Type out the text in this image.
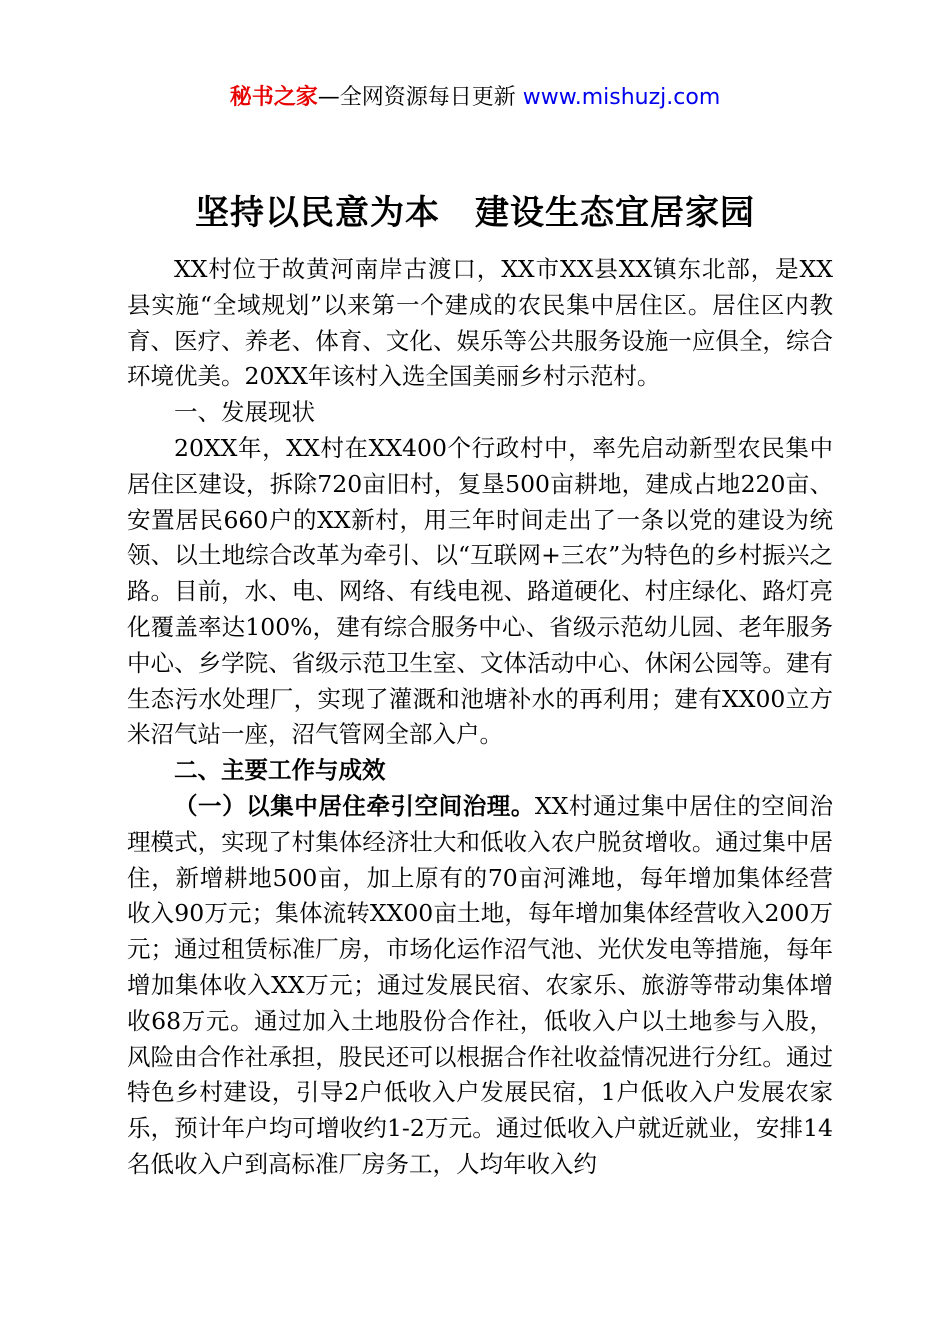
秘书之家—全网资源每日更新 www.mishuzj.com
坚持以民意为本　建设生态宜居家园

XX村位于故黄河南岸古渡口，XX市XX县XX镇东北部，是XX县实施“全域规划”以来第一个建成的农民集中居住区。居住区内教育、医疗、养老、体育、文化、娱乐等公共服务设施一应俱全，综合环境优美。20XX年该村入选全国美丽乡村示范村。

一、发展现状

20XX年，XX村在XX400个行政村中，率先启动新型农民集中居住区建设，拆除720亩旧村，复垦500亩耕地，建成占地220亩、安置居民660户的XX新村，用三年时间走出了一条以党的建设为统领、以土地综合改革为牵引、以“互联网+三农”为特色的乡村振兴之路。目前，水、电、网络、有线电视、路道硬化、村庄绿化、路灯亮化覆盖率达100%，建有综合服务中心、省级示范幼儿园、老年服务中心、乡学院、省级示范卫生室、文体活动中心、休闲公园等。建有生态污水处理厂，实现了灌溉和池塘补水的再利用；建有XX00立方米沼气站一座，沼气管网全部入户。

二、主要工作与成效

（一）以集中居住牵引空间治理。XX村通过集中居住的空间治理模式，实现了村集体经济壮大和低收入农户脱贫增收。通过集中居住，新增耕地500亩，加上原有的70亩河滩地，每年增加集体经营收入90万元；集体流转XX00亩土地，每年增加集体经营收入200万元；通过租赁标准厂房，市场化运作沼气池、光伏发电等措施，每年增加集体收入XX万元；通过发展民宿、农家乐、旅游等带动集体增收68万元。通过加入土地股份合作社，低收入户以土地参与入股，风险由合作社承担，股民还可以根据合作社收益情况进行分红。通过特色乡村建设，引导2户低收入户发展民宿，1户低收入户发展农家乐，预计年户均可增收约1-2万元。通过低收入户就近就业，安排14名低收入户到高标准厂房务工，人均年收入约
